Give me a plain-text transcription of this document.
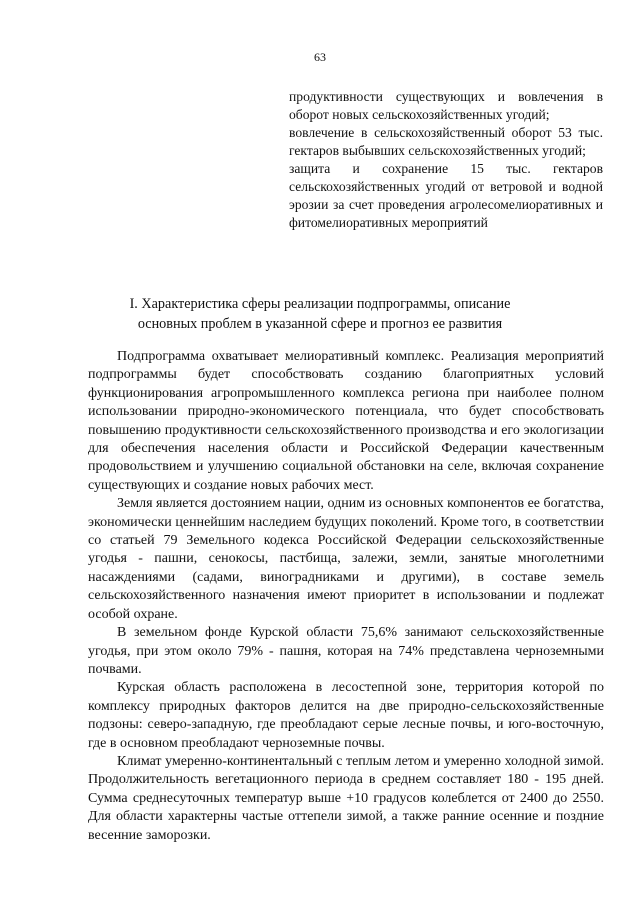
63

продуктивности существующих и вовлечения в оборот новых сельскохозяйственных угодий;

вовлечение в сельскохозяйственный оборот 53 тыс. гектаров выбывших сельскохозяйственных угодий;

защита и сохранение 15 тыс. гектаров сельскохозяйственных угодий от ветровой и водной эрозии за счет проведения агролесомелиоративных и фитомелиоративных мероприятий

I. Характеристика сферы реализации подпрограммы, описание
основных проблем в указанной сфере и прогноз ее развития

Подпрограмма охватывает мелиоративный комплекс. Реализация мероприятий подпрограммы будет способствовать созданию благоприятных условий функционирования агропромышленного комплекса региона при наиболее полном использовании природно-экономического потенциала, что будет способствовать повышению продуктивности сельскохозяйственного производства и его экологизации для обеспечения населения области и Российской Федерации качественным продовольствием и улучшению социальной обстановки на селе, включая сохранение существующих и создание новых рабочих мест.

Земля является достоянием нации, одним из основных компонентов ее богатства, экономически ценнейшим наследием будущих поколений. Кроме того, в соответствии со статьей 79 Земельного кодекса Российской Федерации сельскохозяйственные угодья - пашни, сенокосы, пастбища, залежи, земли, занятые многолетними насаждениями (садами, виноградниками и другими), в составе земель сельскохозяйственного назначения имеют приоритет в использовании и подлежат особой охране.

В земельном фонде Курской области 75,6% занимают сельскохозяйственные угодья, при этом около 79% - пашня, которая на 74% представлена черноземными почвами.

Курская область расположена в лесостепной зоне, территория которой по комплексу природных факторов делится на две природно-сельскохозяйственные подзоны: северо-западную, где преобладают серые лесные почвы, и юго-восточную, где в основном преобладают черноземные почвы.

Климат умеренно-континентальный с теплым летом и умеренно холодной зимой. Продолжительность вегетационного периода в среднем составляет 180 - 195 дней. Сумма среднесуточных температур выше +10 градусов колеблется от 2400 до 2550. Для области характерны частые оттепели зимой, а также ранние осенние и поздние весенние заморозки.
